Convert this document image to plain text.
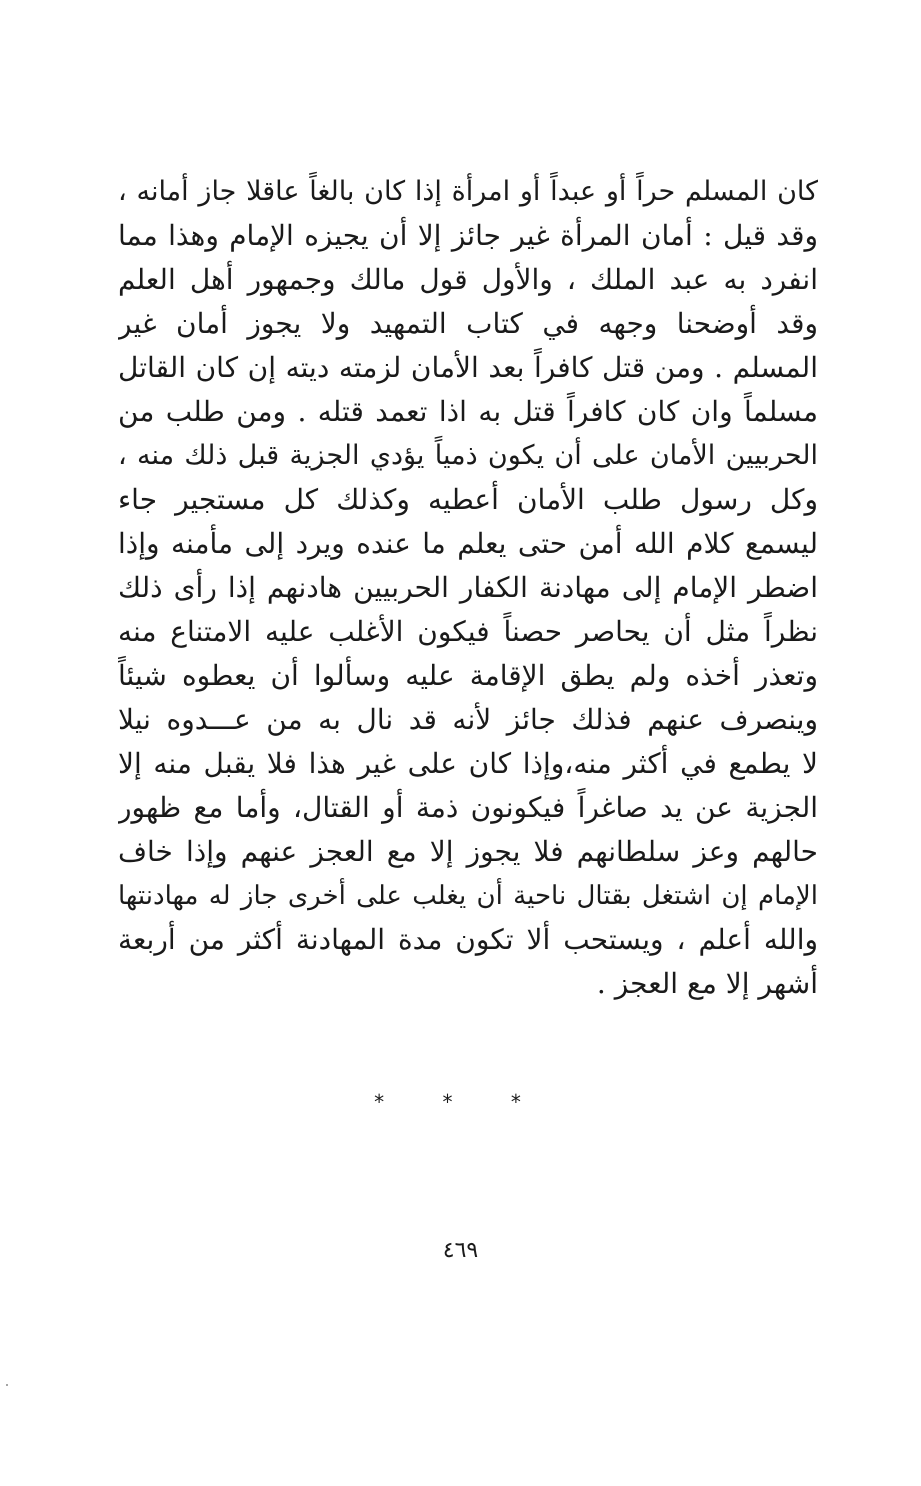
كان المسلم حراً أو عبداً أو امرأة إذا كان بالغاً عاقلا جاز أمانه ،
وقد قيل : أمان المرأة غير جائز إلا أن يجيزه الإمام وهذا مما
انفرد به عبد الملك ، والأول قول مالك وجمهور أهل العلم
وقد أوضحنا وجهه في كتاب التمهيد ولا يجوز أمان غير
المسلم . ومن قتل كافراً بعد الأمان لزمته ديته إن كان القاتل
مسلماً وان كان كافراً قتل به اذا تعمد قتله . ومن طلب من
الحربيين الأمان على أن يكون ذمياً يؤدي الجزية قبل ذلك منه ،
وكل رسول طلب الأمان أعطيه وكذلك كل مستجير جاء
ليسمع كلام الله أمن حتى يعلم ما عنده ويرد إلى مأمنه وإذا
اضطر الإمام إلى مهادنة الكفار الحربيين هادنهم إذا رأى ذلك
نظراً مثل أن يحاصر حصناً فيكون الأغلب عليه الامتناع منه
وتعذر أخذه ولم يطق الإقامة عليه وسألوا أن يعطوه شيئاً
وينصرف عنهم فذلك جائز لأنه قد نال به من عـــدوه نيلا
لا يطمع في أكثر منه،وإذا كان على غير هذا فلا يقبل منه إلا
الجزية عن يد صاغراً فيكونون ذمة أو القتال، وأما مع ظهور
حالهم وعز سلطانهم فلا يجوز إلا مع العجز عنهم وإذا خاف
الإمام إن اشتغل بقتال ناحية أن يغلب على أخرى جاز له مهادنتها
والله أعلم ، ويستحب ألا تكون مدة المهادنة أكثر من أربعة
أشهر إلا مع العجز .
* * *
٤٦٩
